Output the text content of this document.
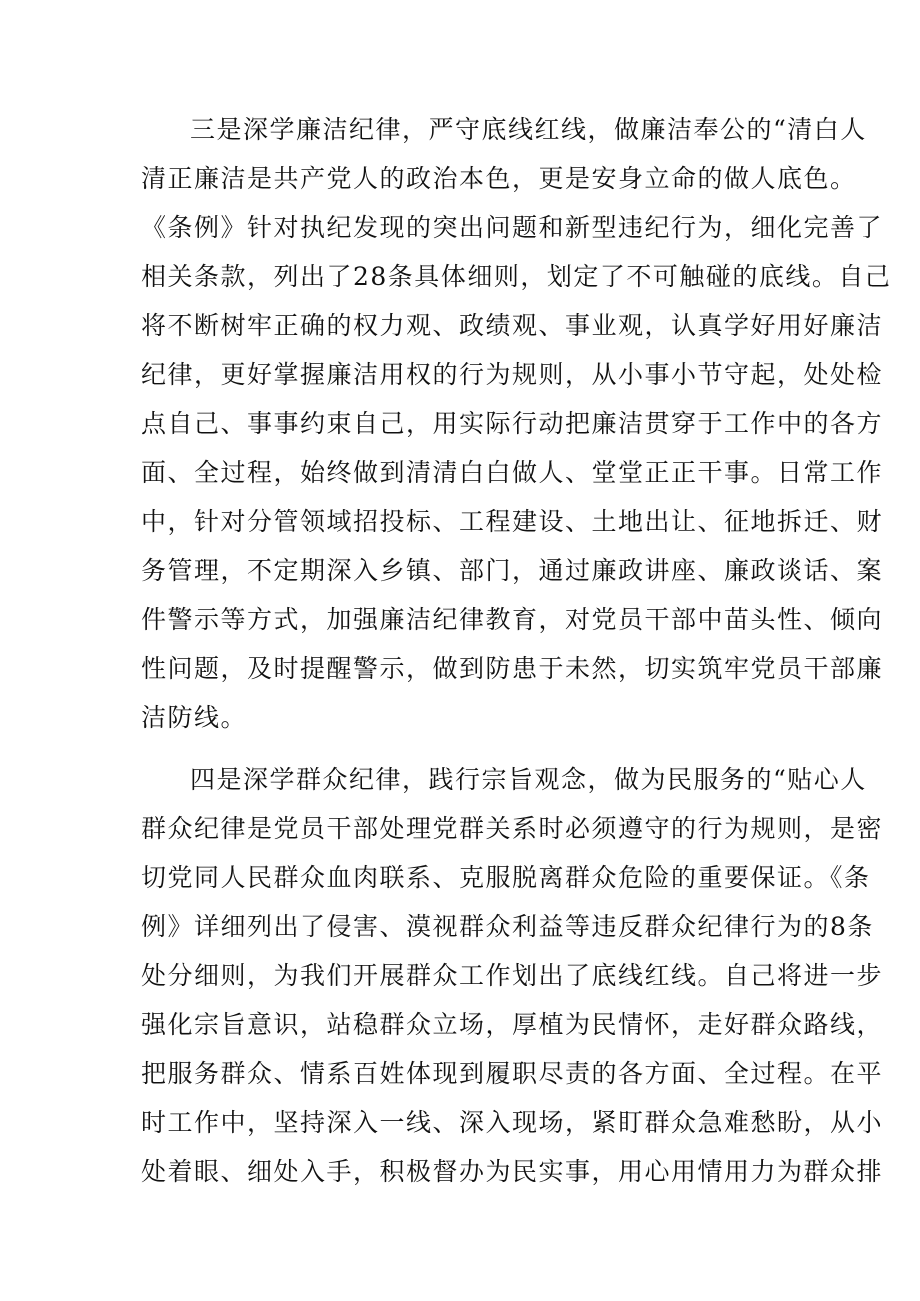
三是深学廉洁纪律，严守底线红线，做廉洁奉公的“清白人
清正廉洁是共产党人的政治本色，更是安身立命的做人底色。
《条例》针对执纪发现的突出问题和新型违纪行为，细化完善了
相关条款，列出了28条具体细则，划定了不可触碰的底线。自己
将不断树牢正确的权力观、政绩观、事业观，认真学好用好廉洁
纪律，更好掌握廉洁用权的行为规则，从小事小节守起，处处检
点自己、事事约束自己，用实际行动把廉洁贯穿于工作中的各方
面、全过程，始终做到清清白白做人、堂堂正正干事。日常工作
中，针对分管领域招投标、工程建设、土地出让、征地拆迁、财
务管理，不定期深入乡镇、部门，通过廉政讲座、廉政谈话、案
件警示等方式，加强廉洁纪律教育，对党员干部中苗头性、倾向
性问题，及时提醒警示，做到防患于未然，切实筑牢党员干部廉
洁防线。
四是深学群众纪律，践行宗旨观念，做为民服务的“贴心人
群众纪律是党员干部处理党群关系时必须遵守的行为规则，是密
切党同人民群众血肉联系、克服脱离群众危险的重要保证。《条
例》详细列出了侵害、漠视群众利益等违反群众纪律行为的8条
处分细则，为我们开展群众工作划出了底线红线。自己将进一步
强化宗旨意识，站稳群众立场，厚植为民情怀，走好群众路线，
把服务群众、情系百姓体现到履职尽责的各方面、全过程。在平
时工作中，坚持深入一线、深入现场，紧盯群众急难愁盼，从小
处着眼、细处入手，积极督办为民实事，用心用情用力为群众排
